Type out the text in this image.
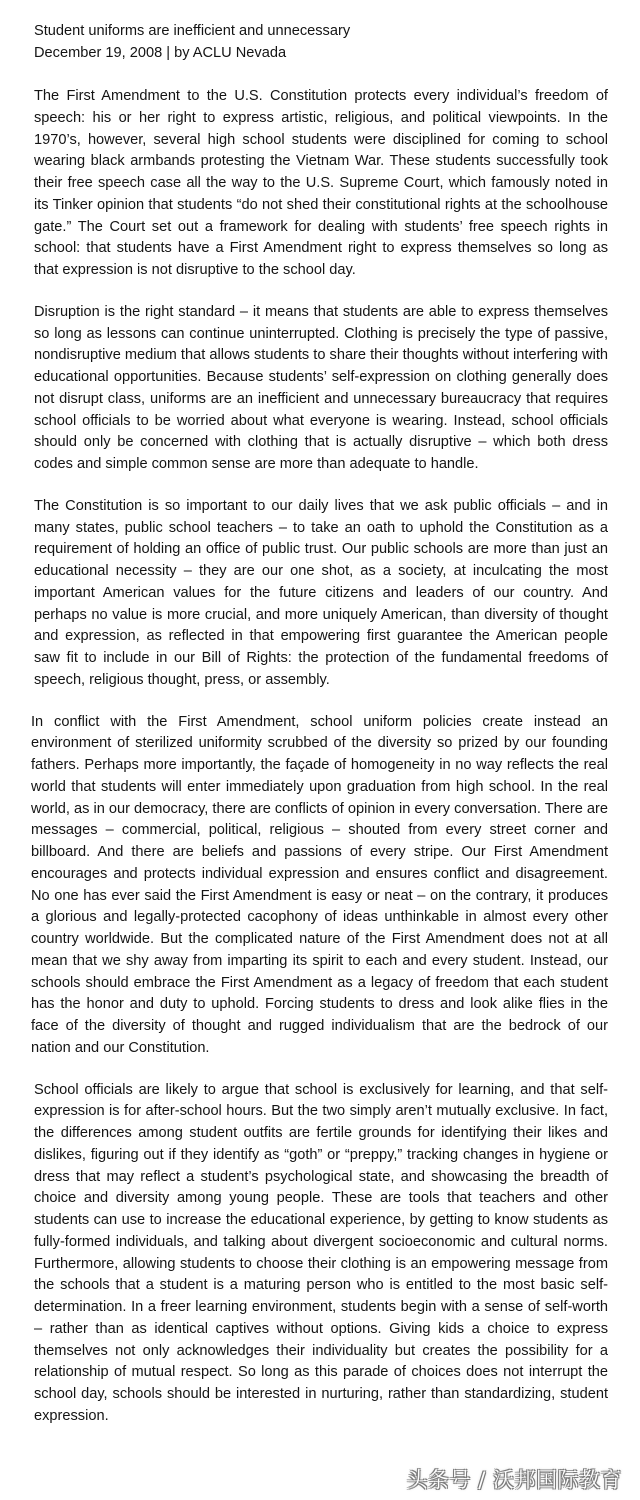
Student uniforms are inefficient and unnecessary
December 19, 2008 | by ACLU Nevada

The First Amendment to the U.S. Constitution protects every individual’s freedom of speech: his or her right to express artistic, religious, and political viewpoints. In the 1970’s, however, several high school students were disciplined for coming to school wearing black armbands protesting the Vietnam War. These students successfully took their free speech case all the way to the U.S. Supreme Court, which famously noted in its Tinker opinion that students “do not shed their constitutional rights at the schoolhouse gate.” The Court set out a framework for dealing with students’ free speech rights in school: that students have a First Amendment right to express themselves so long as that expression is not disruptive to the school day.

Disruption is the right standard – it means that students are able to express themselves so long as lessons can continue uninterrupted. Clothing is precisely the type of passive, nondisruptive medium that allows students to share their thoughts without interfering with educational opportunities. Because students’ self-expression on clothing generally does not disrupt class, uniforms are an inefficient and unnecessary bureaucracy that requires school officials to be worried about what everyone is wearing. Instead, school officials should only be concerned with clothing that is actually disruptive – which both dress codes and simple common sense are more than adequate to handle.

The Constitution is so important to our daily lives that we ask public officials – and in many states, public school teachers – to take an oath to uphold the Constitution as a requirement of holding an office of public trust. Our public schools are more than just an educational necessity – they are our one shot, as a society, at inculcating the most important American values for the future citizens and leaders of our country. And perhaps no value is more crucial, and more uniquely American, than diversity of thought and expression, as reflected in that empowering first guarantee the American people saw fit to include in our Bill of Rights: the protection of the fundamental freedoms of speech, religious thought, press, or assembly.

In conflict with the First Amendment, school uniform policies create instead an environment of sterilized uniformity scrubbed of the diversity so prized by our founding fathers. Perhaps more importantly, the façade of homogeneity in no way reflects the real world that students will enter immediately upon graduation from high school. In the real world, as in our democracy, there are conflicts of opinion in every conversation. There are messages – commercial, political, religious – shouted from every street corner and billboard. And there are beliefs and passions of every stripe. Our First Amendment encourages and protects individual expression and ensures conflict and disagreement. No one has ever said the First Amendment is easy or neat – on the contrary, it produces a glorious and legally-protected cacophony of ideas unthinkable in almost every other country worldwide. But the complicated nature of the First Amendment does not at all mean that we shy away from imparting its spirit to each and every student. Instead, our schools should embrace the First Amendment as a legacy of freedom that each student has the honor and duty to uphold. Forcing students to dress and look alike flies in the face of the diversity of thought and rugged individualism that are the bedrock of our nation and our Constitution.

School officials are likely to argue that school is exclusively for learning, and that self-expression is for after-school hours. But the two simply aren’t mutually exclusive. In fact, the differences among student outfits are fertile grounds for identifying their likes and dislikes, figuring out if they identify as “goth” or “preppy,” tracking changes in hygiene or dress that may reflect a student’s psychological state, and showcasing the breadth of choice and diversity among young people. These are tools that teachers and other students can use to increase the educational experience, by getting to know students as fully-formed individuals, and talking about divergent socioeconomic and cultural norms. Furthermore, allowing students to choose their clothing is an empowering message from the schools that a student is a maturing person who is entitled to the most basic self-determination. In a freer learning environment, students begin with a sense of self-worth – rather than as identical captives without options. Giving kids a choice to express themselves not only acknowledges their individuality but creates the possibility for a relationship of mutual respect. So long as this parade of choices does not interrupt the school day, schools should be interested in nurturing, rather than standardizing, student expression.

头条号 / 沃邦国际教育
